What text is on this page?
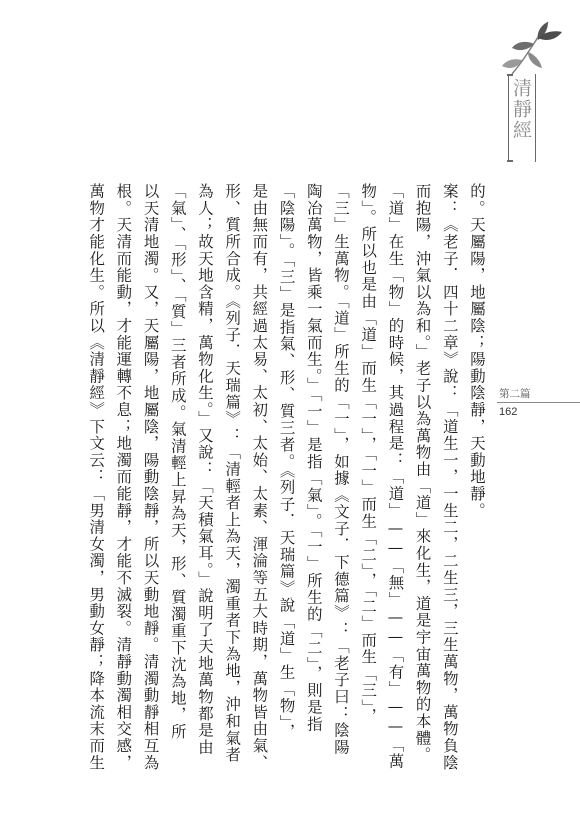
清靜經
第二篇
162
的。天屬陽，地屬陰；陽動陰靜，天動地靜。
案：《老子．四十二章》說：「道生一，一生二，二生三，三生萬物，萬物負陰
而抱陽，沖氣以為和。」老子以為萬物由「道」來化生，道是宇宙萬物的本體。
「道」在生「物」的時候，其過程是：「道」——「無」——「有」——「萬
物」。所以也是由「道」而生「一」，「一」而生「二」，「二」而生「三」，
「三」生萬物。「道」所生的「一」，如據《文子．下德篇》：「老子曰：陰陽
陶冶萬物，皆乘一氣而生。」「一」是指「氣」。「一」所生的「二」，則是指
「陰陽」。「三」是指氣、形、質三者。《列子．天瑞篇》說「道」生「物」，
是由無而有，共經過太易、太初、太始、太素、渾淪等五大時期，萬物皆由氣、
形、質所合成。《列子．天瑞篇》：「清輕者上為天，濁重者下為地，沖和氣者
為人；故天地含精，萬物化生。」又說：「天積氣耳。」說明了天地萬物都是由
「氣」、「形」、「質」三者所成。氣清輕上昇為天，形、質濁重下沈為地，所
以天清地濁。又，天屬陽，地屬陰，陽動陰靜，所以天動地靜。清濁動靜相互為
根。天清而能動，才能運轉不息；地濁而能靜，才能不滅裂。清靜動濁相交感，
萬物才能化生。所以《清靜經》下文云：「男清女濁，男動女靜；降本流末而生
